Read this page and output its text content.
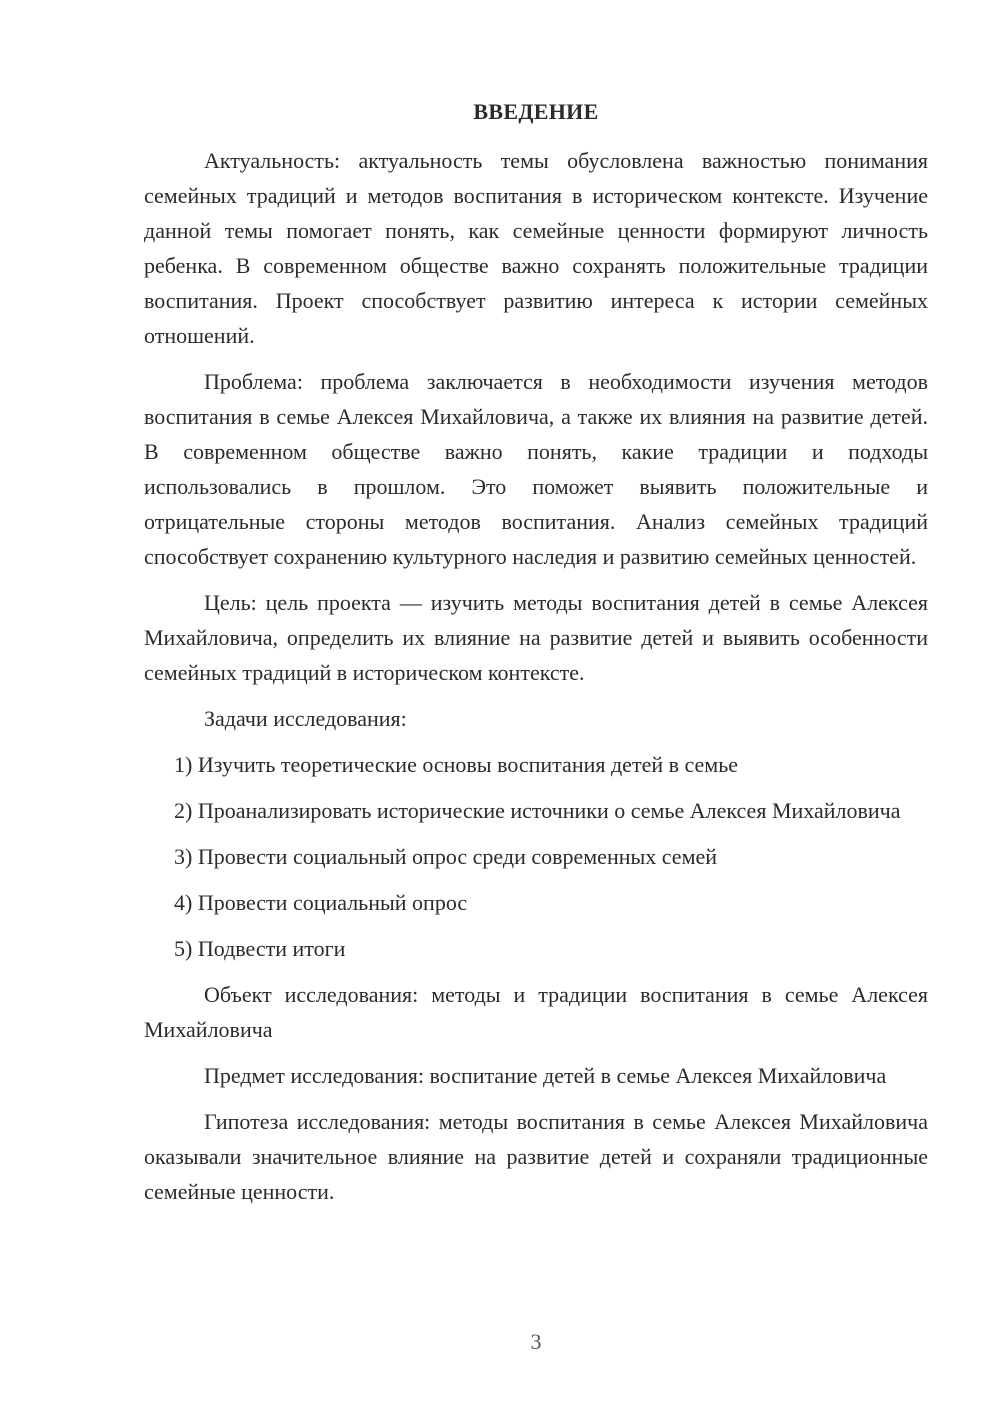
ВВЕДЕНИЕ

Актуальность: актуальность темы обусловлена важностью понимания семейных традиций и методов воспитания в историческом контексте. Изучение данной темы помогает понять, как семейные ценности формируют личность ребенка. В современном обществе важно сохранять положительные традиции воспитания. Проект способствует развитию интереса к истории семейных отношений.

Проблема: проблема заключается в необходимости изучения методов воспитания в семье Алексея Михайловича, а также их влияния на развитие детей. В современном обществе важно понять, какие традиции и подходы использовались в прошлом. Это поможет выявить положительные и отрицательные стороны методов воспитания. Анализ семейных традиций способствует сохранению культурного наследия и развитию семейных ценностей.

Цель: цель проекта — изучить методы воспитания детей в семье Алексея Михайловича, определить их влияние на развитие детей и выявить особенности семейных традиций в историческом контексте.

Задачи исследования:

1) Изучить теоретические основы воспитания детей в семье

2) Проанализировать исторические источники о семье Алексея Михайловича

3) Провести социальный опрос среди современных семей

4) Провести социальный опрос

5) Подвести итоги

Объект исследования: методы и традиции воспитания в семье Алексея Михайловича

Предмет исследования: воспитание детей в семье Алексея Михайловича

Гипотеза исследования: методы воспитания в семье Алексея Михайловича оказывали значительное влияние на развитие детей и сохраняли традиционные семейные ценности.

3
